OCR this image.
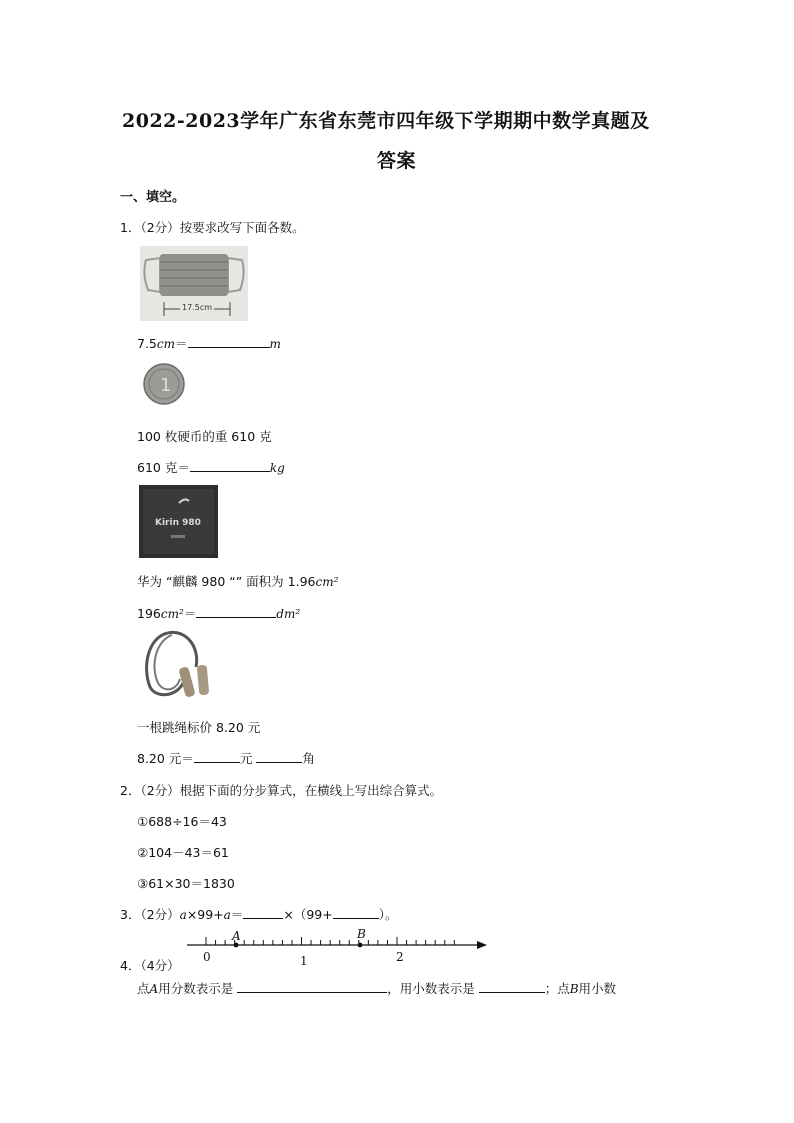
2022-2023学年广东省东莞市四年级下学期期中数学真题及
答案
一、填空。
1．（2分）按要求改写下面各数。
17.5cm
7.5cm＝	m
1
100 枚硬币的重 610 克
610 克＝	kg
Kirin 980
华为 “麒麟 980 “” 面积为 1.96cm²
196cm²＝	dm²
一根跳绳标价 8.20 元
8.20 元＝	元	角
2．（2分）根据下面的分步算式，在横线上写出综合算式。
①688÷16＝43
②104－43＝61
③61×30＝1830
3．（2分）a×99+a＝	×（99+	）。
A	B
0	1	2
4．（4分）
点A用分数表示是	，用小数表示是	；点B用小数
